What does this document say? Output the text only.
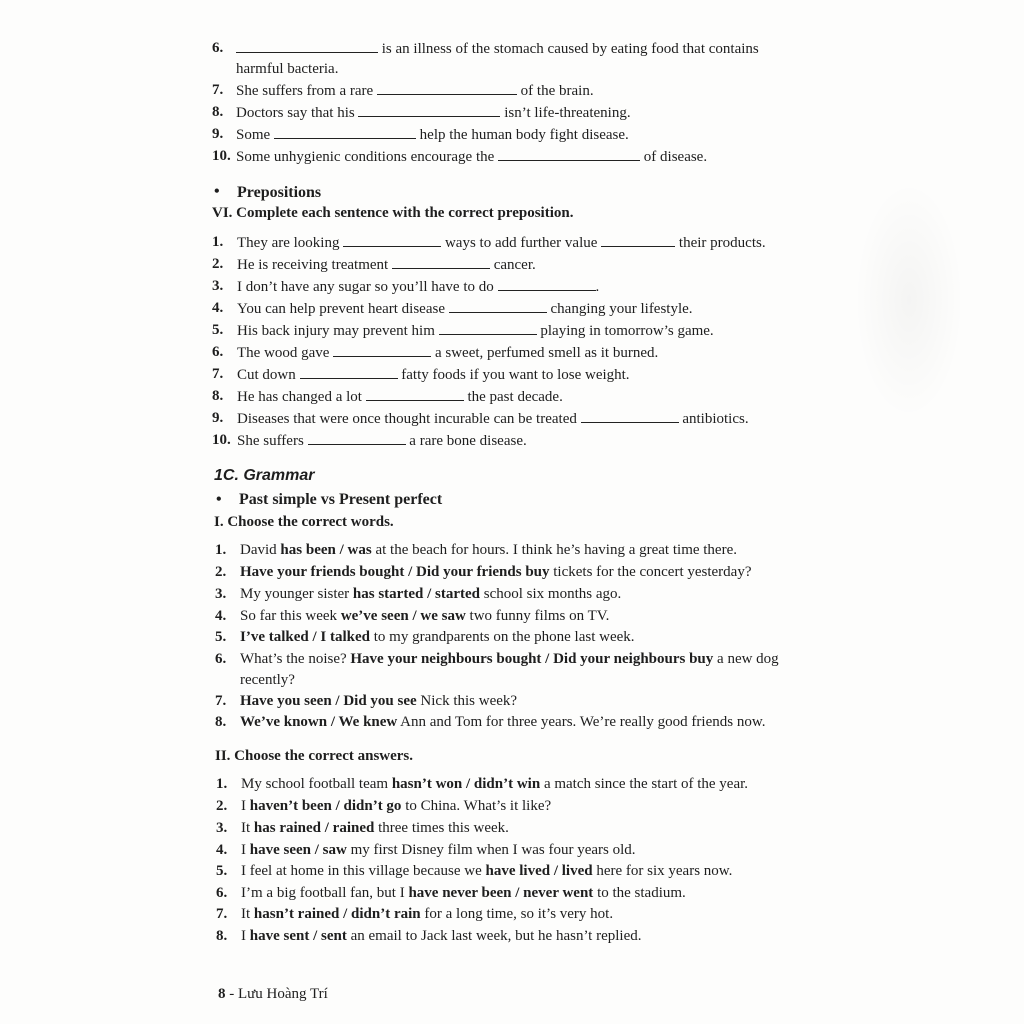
6.	is an illness of the stomach caused by eating food that contains
harmful bacteria.
7. She suffers from a rare	of the brain.
8. Doctors say that his	isn’t life-threatening.
9. Some	help the human body fight disease.
10. Some unhygienic conditions encourage the	of disease.
• Prepositions
VI. Complete each sentence with the correct preposition.
1. They are looking	ways to add further value	their products.
2. He is receiving treatment	cancer.
3. I don’t have any sugar so you’ll have to do	.
4. You can help prevent heart disease	changing your lifestyle.
5. His back injury may prevent him	playing in tomorrow’s game.
6. The wood gave	a sweet, perfumed smell as it burned.
7. Cut down	fatty foods if you want to lose weight.
8. He has changed a lot	the past decade.
9. Diseases that were once thought incurable can be treated	antibiotics.
10. She suffers	a rare bone disease.
1C. Grammar
• Past simple vs Present perfect
I. Choose the correct words.
1. David has been / was at the beach for hours. I think he’s having a great time there.
2. Have your friends bought / Did your friends buy tickets for the concert yesterday?
3. My younger sister has started / started school six months ago.
4. So far this week we’ve seen / we saw two funny films on TV.
5. I’ve talked / I talked to my grandparents on the phone last week.
6. What’s the noise? Have your neighbours bought / Did your neighbours buy a new dog
recently?
7. Have you seen / Did you see Nick this week?
8. We’ve known / We knew Ann and Tom for three years. We’re really good friends now.
II. Choose the correct answers.
1. My school football team hasn’t won / didn’t win a match since the start of the year.
2. I haven’t been / didn’t go to China. What’s it like?
3. It has rained / rained three times this week.
4. I have seen / saw my first Disney film when I was four years old.
5. I feel at home in this village because we have lived / lived here for six years now.
6. I’m a big football fan, but I have never been / never went to the stadium.
7. It hasn’t rained / didn’t rain for a long time, so it’s very hot.
8. I have sent / sent an email to Jack last week, but he hasn’t replied.
8 - Lưu Hoàng Trí
